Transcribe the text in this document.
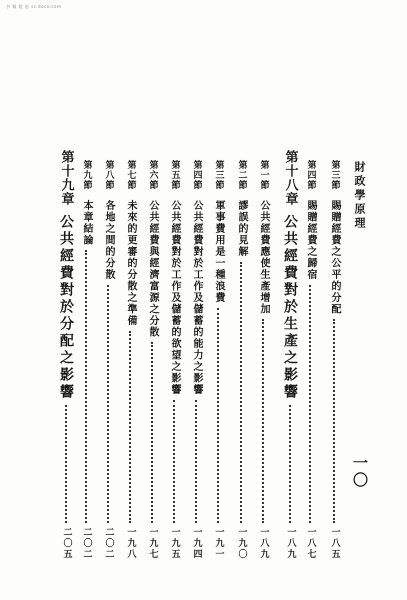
书 稿 超 星 ss.docx.com
財政學原理
一〇
第三節
賜贈經費之公平的分配
一八五
第四節
賜贈經費之歸宿
一八七
第十八章
公共經費對於生產之影響
一八九
第一節
公共經費應使生產增加
一八九
第二節
謬誤的見解
一九〇
第三節
軍事費用是一種浪費
一九一
第四節
公共經費對於工作及儲蓄的能力之影響
一九四
第五節
公共經費對於工作及儲蓄的欲望之影響
一九五
第六節
公共經費與經濟富源之分散
一九七
第七節
未來的更審的分散之準備
一九八
第八節
各地之間的分散
二〇二
第九節
本章結論
二〇二
第十九章
公共經費對於分配之影響
二〇五
